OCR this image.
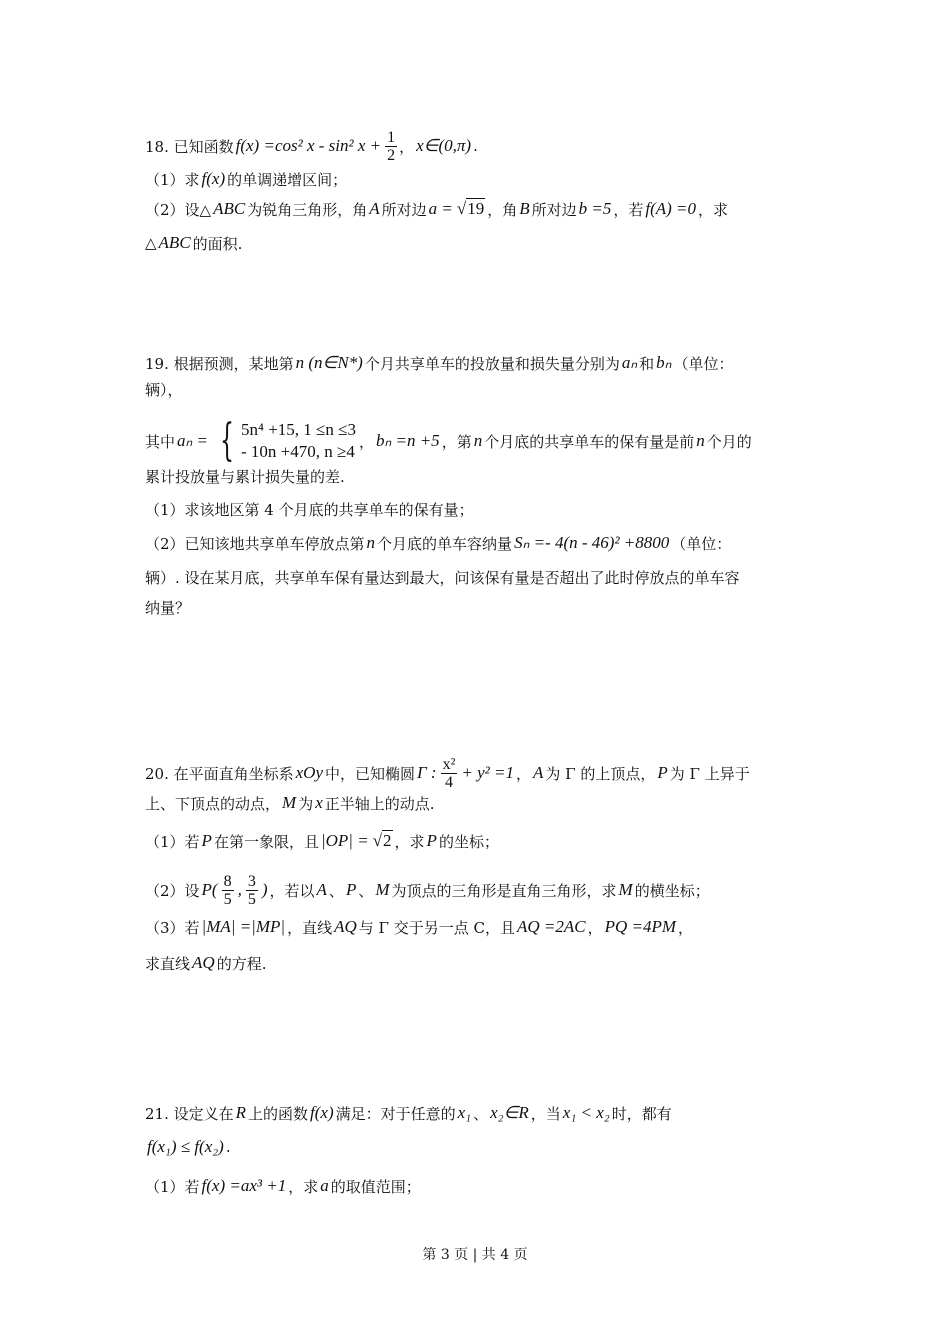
18. 已知函数 f(x) =cos² x - sin² $x + \frac{1}{2}$ ， x∈(0,π) .
（1）求 f(x) 的单调递增区间；
（2）设△ ABC 为锐角三角形，角 A 所对边 a = √19 ，角 B 所对边 b =5 ，若 f(A) =0 ，求
△ ABC 的面积.
19. 根据预测，某地第 n (n∈N*) 个月共享单车的投放量和损失量分别为 aₙ 和 bₙ （单位：
辆），
其中 aₙ = { 5n⁴ +15, 1 ≤n ≤3
- 10n +470, n ≥4
， bₙ =n +5 ，第 n 个月底的共享单车的保有量是前 n 个月的
累计投放量与累计损失量的差.
（1）求该地区第 4 个月底的共享单车的保有量；
（2）已知该地共享单车停放点第 n 个月底的单车容纳量 Sₙ =- 4(n - 46)² +8800 （单位：
辆）. 设在某月底，共享单车保有量达到最大，问该保有量是否超出了此时停放点的单车容
纳量？
20. 在平面直角坐标系 xOy 中，已知椭圆 Γ : $\frac{\text{x²}}{4} + y^2 =1$ ， A 为 Γ 的上顶点， P 为 Γ 上异于
上、下顶点的动点， M 为 x 正半轴上的动点.
（1）若 P 在第一象限，且 |OP| = √2 ，求 P 的坐标；
（2）设 $P( \frac{8}{5}$ , $\frac{3}{5}$ ) ，若以 A 、 P 、 M 为顶点的三角形是直角三角形，求 M 的横坐标；
（3）若 |MA| =|MP| ，直线 AQ 与 Γ 交于另一点 C，且 AQ =2AC ， PQ =4PM ，
求直线 AQ 的方程.
21. 设定义在 R 上的函数 f(x) 满足：对于任意的 x₁ 、 x₂∈R ，当 x₁ < x₂ 时，都有
f(x₁) ≤ f(x₂) .
（1）若 f(x) =ax³ +1 ，求 a 的取值范围；
第 3 页 | 共 4 页
